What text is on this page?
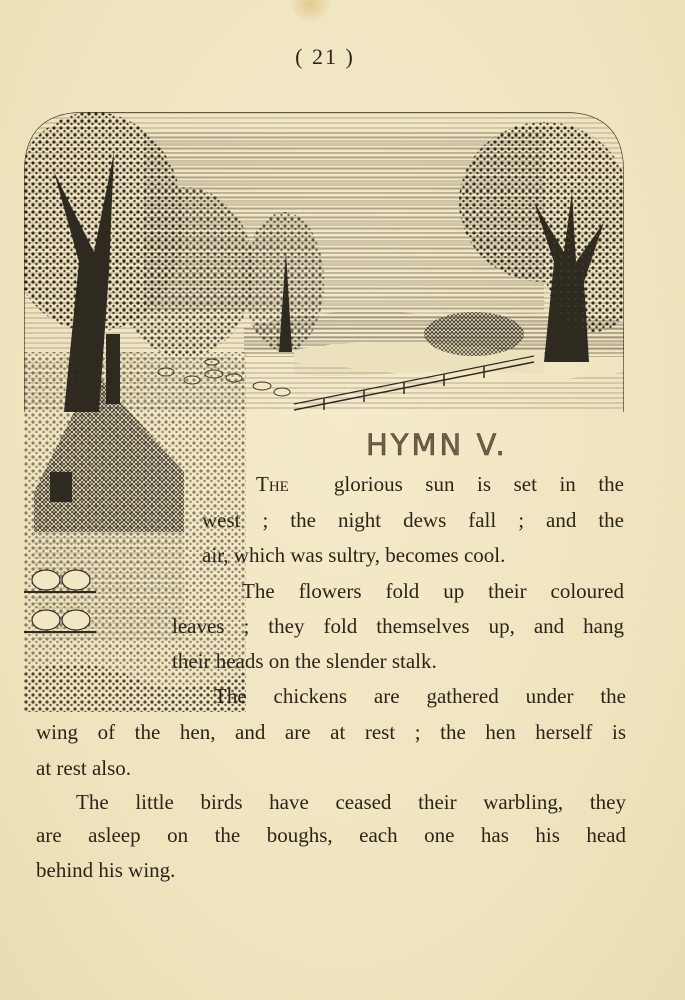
( 21 )
HYMN V.
The glorious sun is set in the
west ; the night dews fall ; and the
air, which was sultry, becomes cool.
The flowers fold up their coloured
leaves ; they fold themselves up, and hang
their heads on the slender stalk.
The chickens are gathered under the
wing of the hen, and are at rest ; the hen herself is
at rest also.
The little birds have ceased their warbling, they
are asleep on the boughs, each one has his head
behind his wing.
